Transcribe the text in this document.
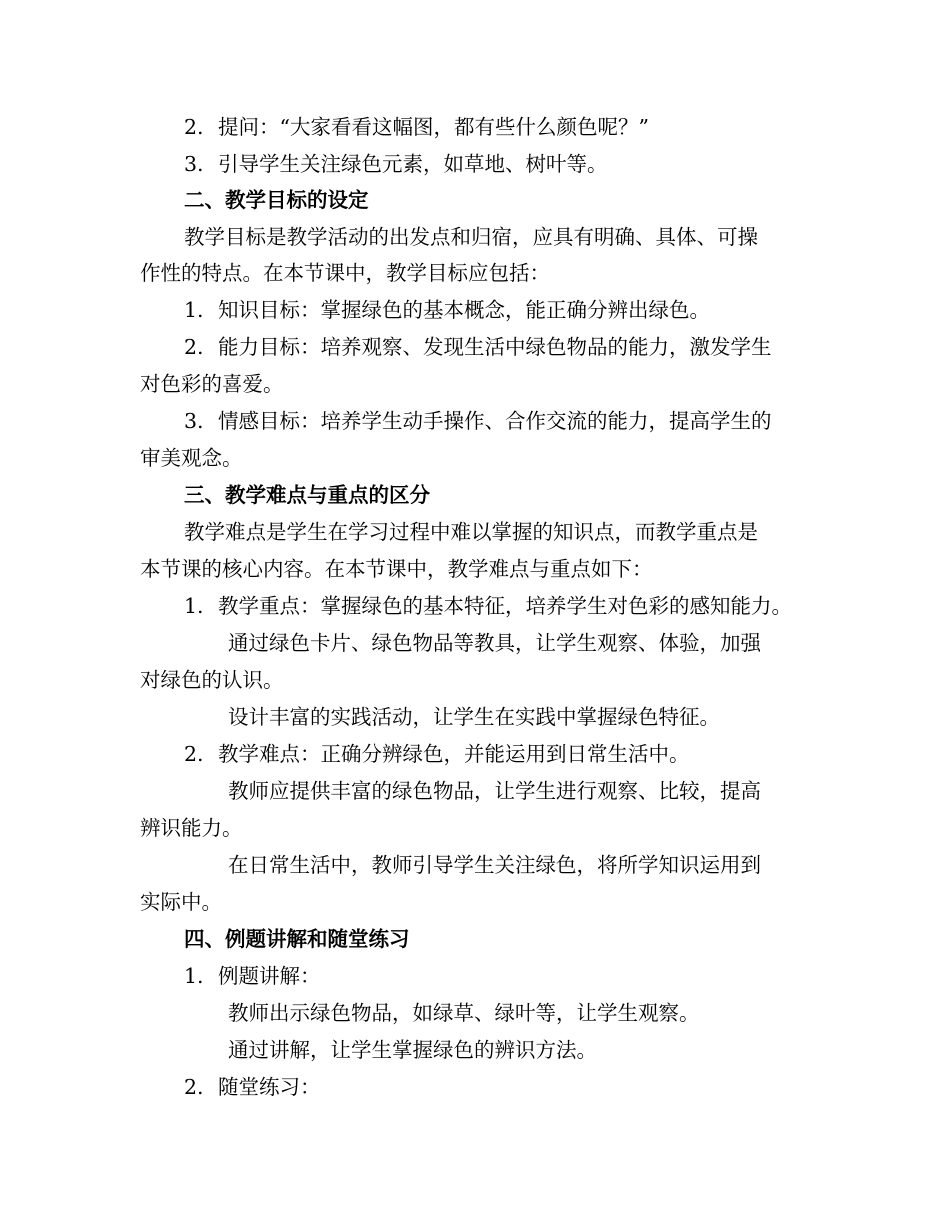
2. 提问：“大家看看这幅图，都有些什么颜色呢？”
3. 引导学生关注绿色元素，如草地、树叶等。
二、教学目标的设定
教学目标是教学活动的出发点和归宿，应具有明确、具体、可操
作性的特点。在本节课中，教学目标应包括：
1. 知识目标：掌握绿色的基本概念，能正确分辨出绿色。
2. 能力目标：培养观察、发现生活中绿色物品的能力，激发学生
对色彩的喜爱。
3. 情感目标：培养学生动手操作、合作交流的能力，提高学生的
审美观念。
三、教学难点与重点的区分
教学难点是学生在学习过程中难以掌握的知识点，而教学重点是
本节课的核心内容。在本节课中，教学难点与重点如下：
1. 教学重点：掌握绿色的基本特征，培养学生对色彩的感知能力。
通过绿色卡片、绿色物品等教具，让学生观察、体验，加强
对绿色的认识。
设计丰富的实践活动，让学生在实践中掌握绿色特征。
2. 教学难点：正确分辨绿色，并能运用到日常生活中。
教师应提供丰富的绿色物品，让学生进行观察、比较，提高
辨识能力。
在日常生活中，教师引导学生关注绿色，将所学知识运用到
实际中。
四、例题讲解和随堂练习
1. 例题讲解：
教师出示绿色物品，如绿草、绿叶等，让学生观察。
通过讲解，让学生掌握绿色的辨识方法。
2. 随堂练习：
